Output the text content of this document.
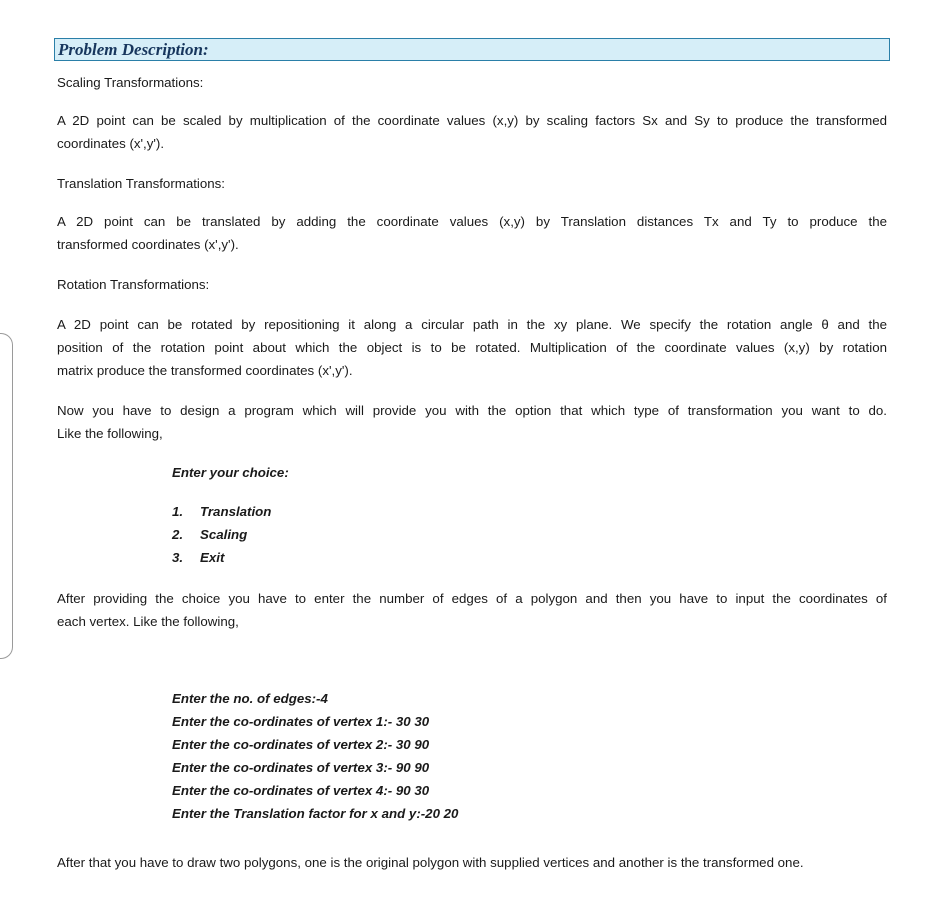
Problem Description:

Scaling Transformations:

A 2D point can be scaled by multiplication of the coordinate values (x,y) by scaling factors Sx and Sy to produce the transformed
coordinates (x',y').

Translation Transformations:

A 2D point can be translated by adding the coordinate values (x,y) by Translation distances Tx and Ty to produce the
transformed coordinates (x',y').

Rotation Transformations:

A 2D point can be rotated by repositioning it along a circular path in the xy plane. We specify the rotation angle θ and the
position of the rotation point about which the object is to be rotated. Multiplication of the coordinate values (x,y) by rotation
matrix produce the transformed coordinates (x',y').
Now you have to design a program which will provide you with the option that which type of transformation you want to do.
Like the following,
Enter your choice:
1. Translation
2. Scaling
3. Exit
After providing the choice you have to enter the number of edges of a polygon and then you have to input the coordinates of
each vertex. Like the following,
Enter the no. of edges:-4
Enter the co-ordinates of vertex 1:- 30 30
Enter the co-ordinates of vertex 2:- 30 90
Enter the co-ordinates of vertex 3:- 90 90
Enter the co-ordinates of vertex 4:- 90 30
Enter the Translation factor for x and y:-20 20

After that you have to draw two polygons, one is the original polygon with supplied vertices and another is the transformed one.
